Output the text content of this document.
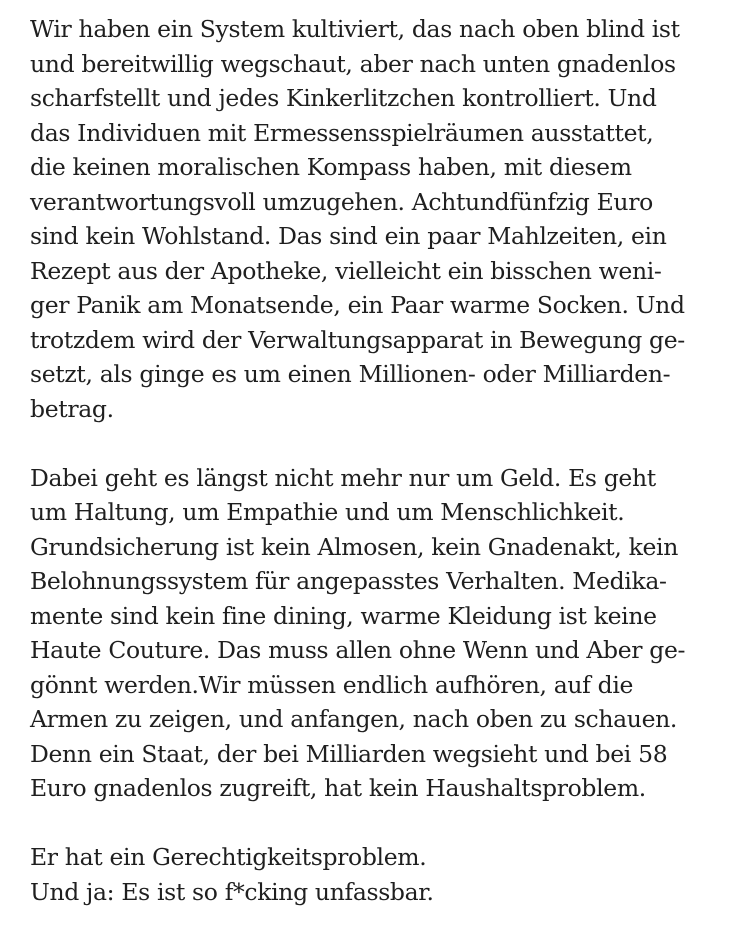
Wir haben ein System kultiviert, das nach oben blind ist
und bereitwillig wegschaut, aber nach unten gnadenlos
scharfstellt und jedes Kinkerlitzchen kontrolliert. Und
das Individuen mit Ermessensspielräumen ausstattet,
die keinen moralischen Kompass haben, mit diesem
verantwortungsvoll umzugehen. Achtundfünfzig Euro
sind kein Wohlstand. Das sind ein paar Mahlzeiten, ein
Rezept aus der Apotheke, vielleicht ein bisschen weni-
ger Panik am Monatsende, ein Paar warme Socken. Und
trotzdem wird der Verwaltungsapparat in Bewegung ge-
setzt, als ginge es um einen Millionen- oder Milliarden-
betrag.

Dabei geht es längst nicht mehr nur um Geld. Es geht
um Haltung, um Empathie und um Menschlichkeit.
Grundsicherung ist kein Almosen, kein Gnadenakt, kein
Belohnungssystem für angepasstes Verhalten. Medika-
mente sind kein fine dining, warme Kleidung ist keine
Haute Couture. Das muss allen ohne Wenn und Aber ge-
gönnt werden.Wir müssen endlich aufhören, auf die
Armen zu zeigen, und anfangen, nach oben zu schauen.
Denn ein Staat, der bei Milliarden wegsieht und bei 58
Euro gnadenlos zugreift, hat kein Haushaltsproblem.

Er hat ein Gerechtigkeitsproblem.
Und ja: Es ist so f*cking unfassbar.
